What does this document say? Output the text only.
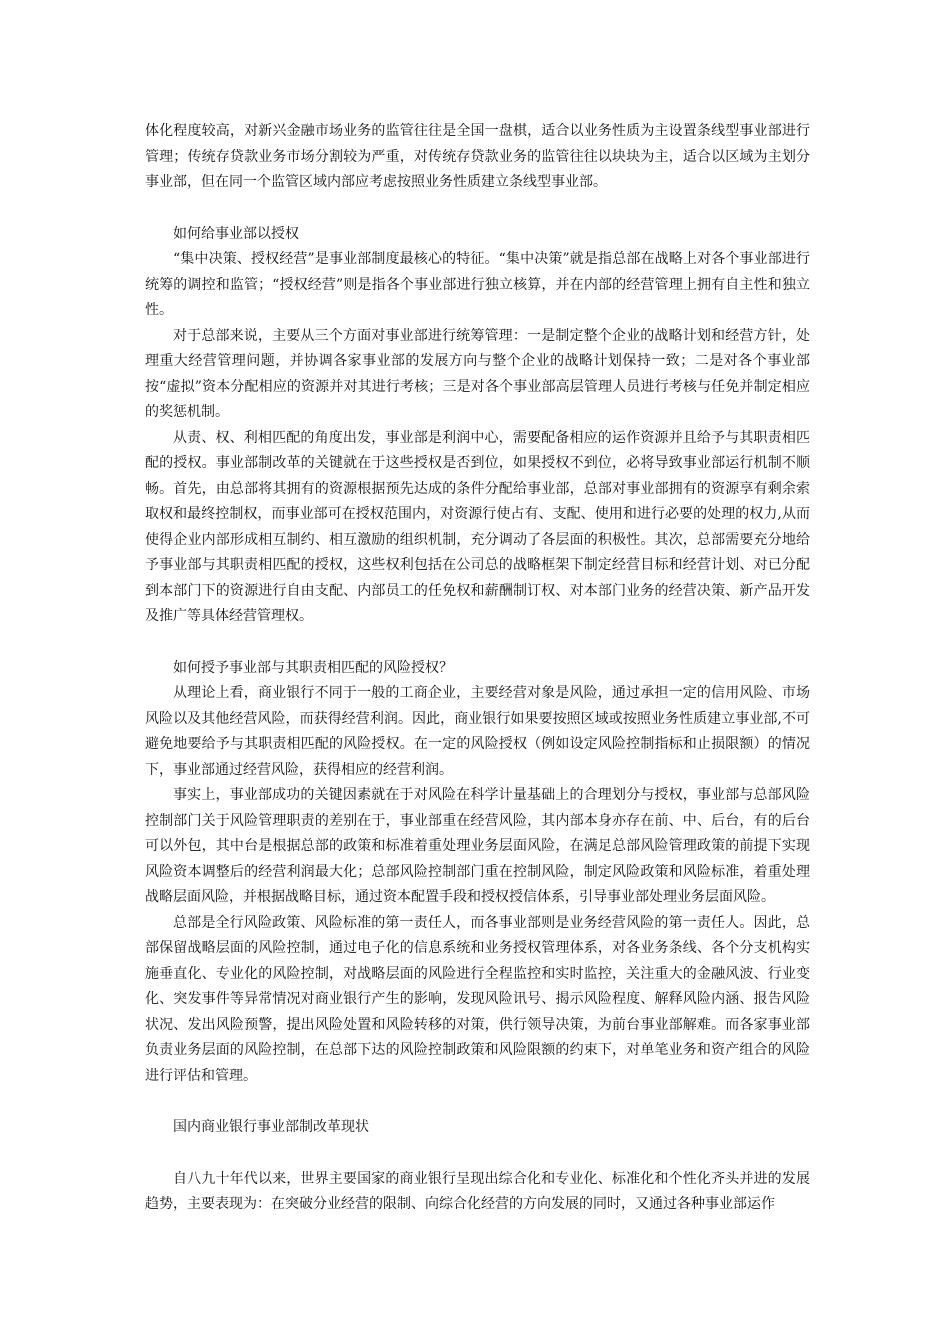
体化程度较高，对新兴金融市场业务的监管往往是全国一盘棋，适合以业务性质为主设置条线型事业部进行管理；传统存贷款业务市场分割较为严重，对传统存贷款业务的监管往往以块块为主，适合以区域为主划分事业部，但在同一个监管区域内部应考虑按照业务性质建立条线型事业部。

如何给事业部以授权

“集中决策、授权经营”是事业部制度最核心的特征。“集中决策”就是指总部在战略上对各个事业部进行统筹的调控和监管；“授权经营”则是指各个事业部进行独立核算，并在内部的经营管理上拥有自主性和独立性。

对于总部来说，主要从三个方面对事业部进行统筹管理：一是制定整个企业的战略计划和经营方针，处理重大经营管理问题，并协调各家事业部的发展方向与整个企业的战略计划保持一致；二是对各个事业部按“虚拟”资本分配相应的资源并对其进行考核；三是对各个事业部高层管理人员进行考核与任免并制定相应的奖惩机制。

从责、权、利相匹配的角度出发，事业部是利润中心，需要配备相应的运作资源并且给予与其职责相匹配的授权。事业部制改革的关键就在于这些授权是否到位，如果授权不到位，必将导致事业部运行机制不顺畅。首先，由总部将其拥有的资源根据预先达成的条件分配给事业部，总部对事业部拥有的资源享有剩余索取权和最终控制权，而事业部可在授权范围内，对资源行使占有、支配、使用和进行必要的处理的权力,从而使得企业内部形成相互制约、相互激励的组织机制，充分调动了各层面的积极性。其次，总部需要充分地给予事业部与其职责相匹配的授权，这些权利包括在公司总的战略框架下制定经营目标和经营计划、对已分配到本部门下的资源进行自由支配、内部员工的任免权和薪酬制订权、对本部门业务的经营决策、新产品开发及推广等具体经营管理权。

如何授予事业部与其职责相匹配的风险授权？

从理论上看，商业银行不同于一般的工商企业，主要经营对象是风险，通过承担一定的信用风险、市场风险以及其他经营风险，而获得经营利润。因此，商业银行如果要按照区域或按照业务性质建立事业部,不可避免地要给予与其职责相匹配的风险授权。在一定的风险授权（例如设定风险控制指标和止损限额）的情况下，事业部通过经营风险，获得相应的经营利润。

事实上，事业部成功的关键因素就在于对风险在科学计量基础上的合理划分与授权，事业部与总部风险控制部门关于风险管理职责的差别在于，事业部重在经营风险，其内部本身亦存在前、中、后台，有的后台可以外包，其中台是根据总部的政策和标准着重处理业务层面风险，在满足总部风险管理政策的前提下实现风险资本调整后的经营利润最大化；总部风险控制部门重在控制风险，制定风险政策和风险标准，着重处理战略层面风险，并根据战略目标，通过资本配置手段和授权授信体系，引导事业部处理业务层面风险。

总部是全行风险政策、风险标准的第一责任人，而各事业部则是业务经营风险的第一责任人。因此，总部保留战略层面的风险控制，通过电子化的信息系统和业务授权管理体系，对各业务条线、各个分支机构实施垂直化、专业化的风险控制，对战略层面的风险进行全程监控和实时监控，关注重大的金融风波、行业变化、突发事件等异常情况对商业银行产生的影响，发现风险讯号、揭示风险程度、解释风险内涵、报告风险状况、发出风险预警，提出风险处置和风险转移的对策，供行领导决策，为前台事业部解难。而各家事业部负责业务层面的风险控制，在总部下达的风险控制政策和风险限额的约束下，对单笔业务和资产组合的风险进行评估和管理。

国内商业银行事业部制改革现状

自八九十年代以来，世界主要国家的商业银行呈现出综合化和专业化、标准化和个性化齐头并进的发展趋势，主要表现为：在突破分业经营的限制、向综合化经营的方向发展的同时，又通过各种事业部运作
